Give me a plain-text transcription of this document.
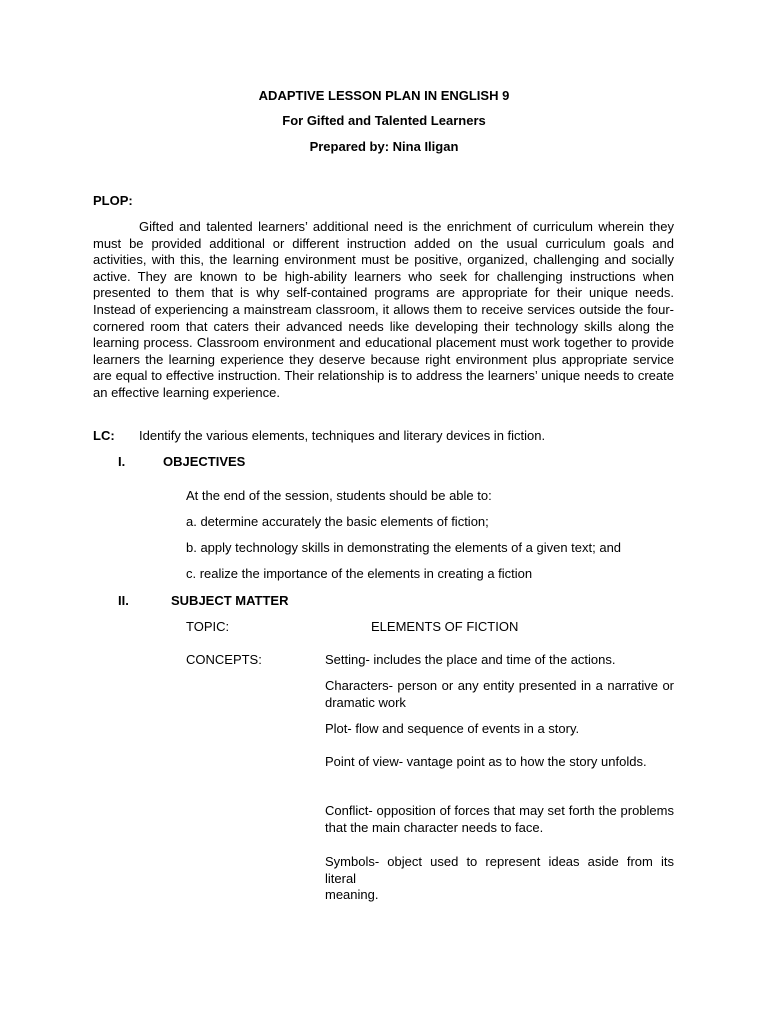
ADAPTIVE LESSON PLAN IN ENGLISH 9

For Gifted and Talented Learners

Prepared by: Nina Iligan

PLOP:

Gifted and talented learners’ additional need is the enrichment of curriculum wherein they must be provided additional or different instruction added on the usual curriculum goals and activities, with this, the learning environment must be positive, organized, challenging and socially active. They are known to be high-ability learners who seek for challenging instructions when presented to them that is why self-contained programs are appropriate for their unique needs. Instead of experiencing a mainstream classroom, it allows them to receive services outside the four-cornered room that caters their advanced needs like developing their technology skills along the learning process. Classroom environment and educational placement must work together to provide learners the learning experience they deserve because right environment plus appropriate service are equal to effective instruction. Their relationship is to address the learners’ unique needs to create an effective learning experience.

LC: Identify the various elements, techniques and literary devices in fiction.

I.	OBJECTIVES

At the end of the session, students should be able to:

a. determine accurately the basic elements of fiction;

b. apply technology skills in demonstrating the elements of a given text; and

c. realize the importance of the elements in creating a fiction

II.	SUBJECT MATTER

TOPIC:	ELEMENTS OF FICTION

CONCEPTS:	Setting- includes the place and time of the actions.

Characters- person or any entity presented in a narrative or dramatic work

Plot- flow and sequence of events in a story.

Point of view- vantage point as to how the story unfolds.

Conflict- opposition of forces that may set forth the problems that the main character needs to face.

Symbols- object used to represent ideas aside from its
literal
meaning.
